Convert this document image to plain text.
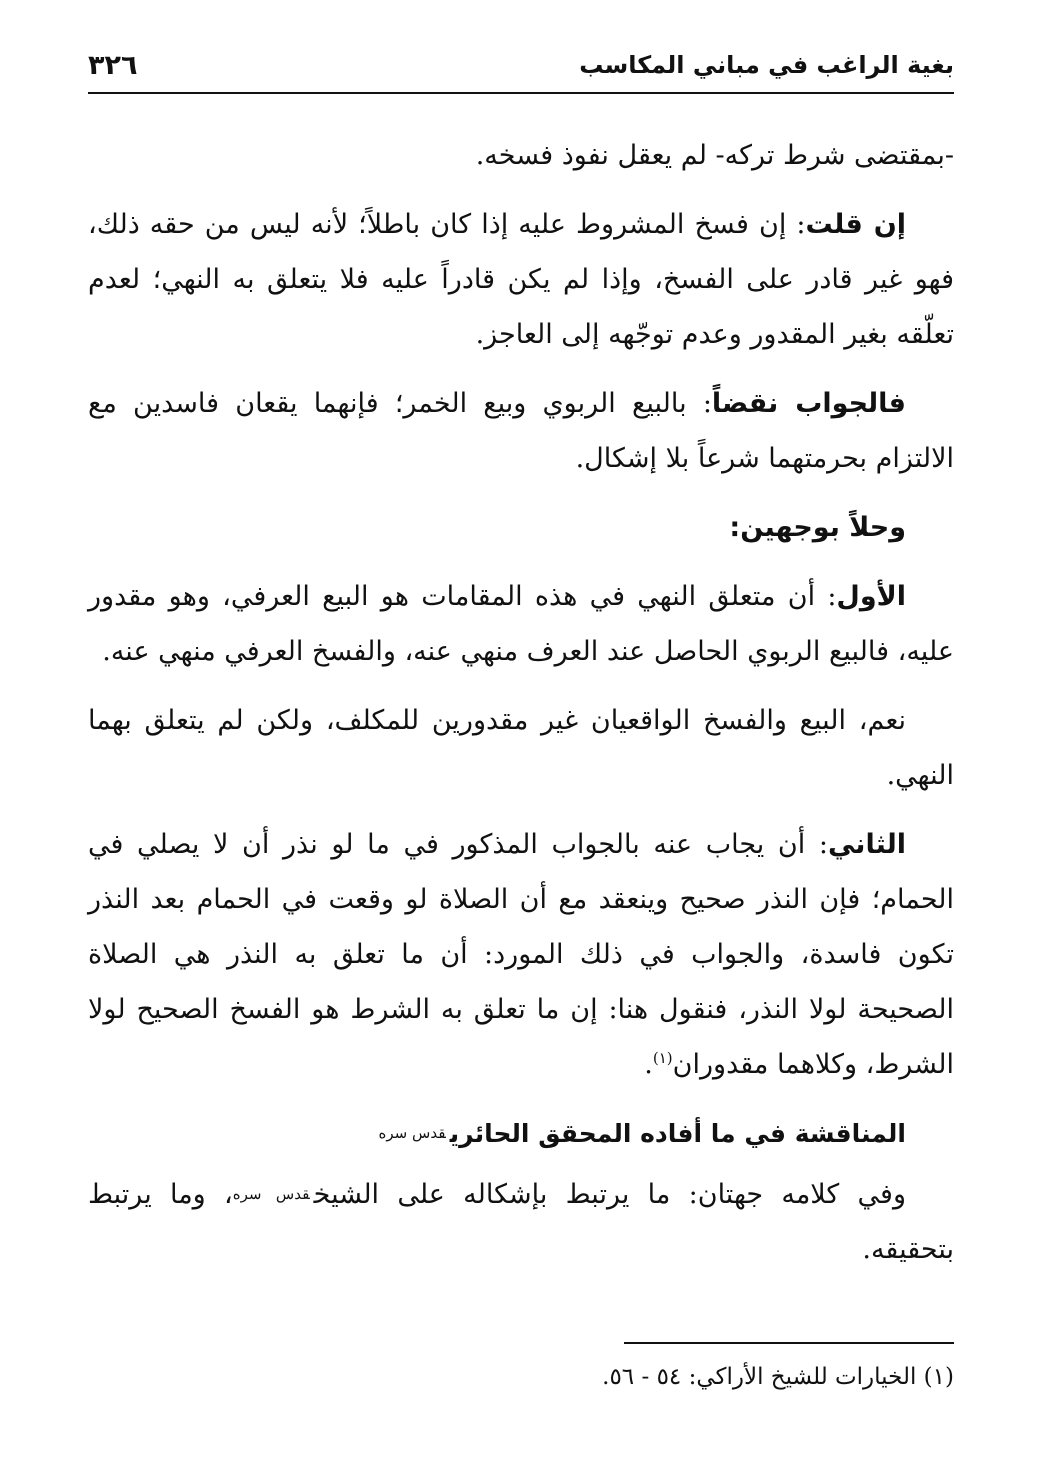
بغية الراغب في مباني المكاسب
٣٢٦

-بمقتضى شرط تركه- لم يعقل نفوذ فسخه.

إن قلت: إن فسخ المشروط عليه إذا كان باطلاً؛ لأنه ليس من حقه ذلك، فهو غير قادر على الفسخ، وإذا لم يكن قادراً عليه فلا يتعلق به النهي؛ لعدم تعلّقه بغير المقدور وعدم توجّهه إلى العاجز.

فالجواب نقضاً: بالبيع الربوي وبيع الخمر؛ فإنهما يقعان فاسدين مع الالتزام بحرمتهما شرعاً بلا إشكال.

وحلاً بوجهين:

الأول: أن متعلق النهي في هذه المقامات هو البيع العرفي، وهو مقدور عليه، فالبيع الربوي الحاصل عند العرف منهي عنه، والفسخ العرفي منهي عنه.

نعم، البيع والفسخ الواقعيان غير مقدورين للمكلف، ولكن لم يتعلق بهما النهي.

الثاني: أن يجاب عنه بالجواب المذكور في ما لو نذر أن لا يصلي في الحمام؛ فإن النذر صحيح وينعقد مع أن الصلاة لو وقعت في الحمام بعد النذر تكون فاسدة، والجواب في ذلك المورد: أن ما تعلق به النذر هي الصلاة الصحيحة لولا النذر، فنقول هنا: إن ما تعلق به الشرط هو الفسخ الصحيح لولا الشرط، وكلاهما مقدوران$^{(١)}$.

المناقشة في ما أفاده المحقق الحائريقدس سره

وفي كلامه جهتان: ما يرتبط بإشكاله على الشيخقدس سره، وما يرتبط بتحقيقه.

(١) الخيارات للشيخ الأراكي: ٥٤ - ٥٦.
